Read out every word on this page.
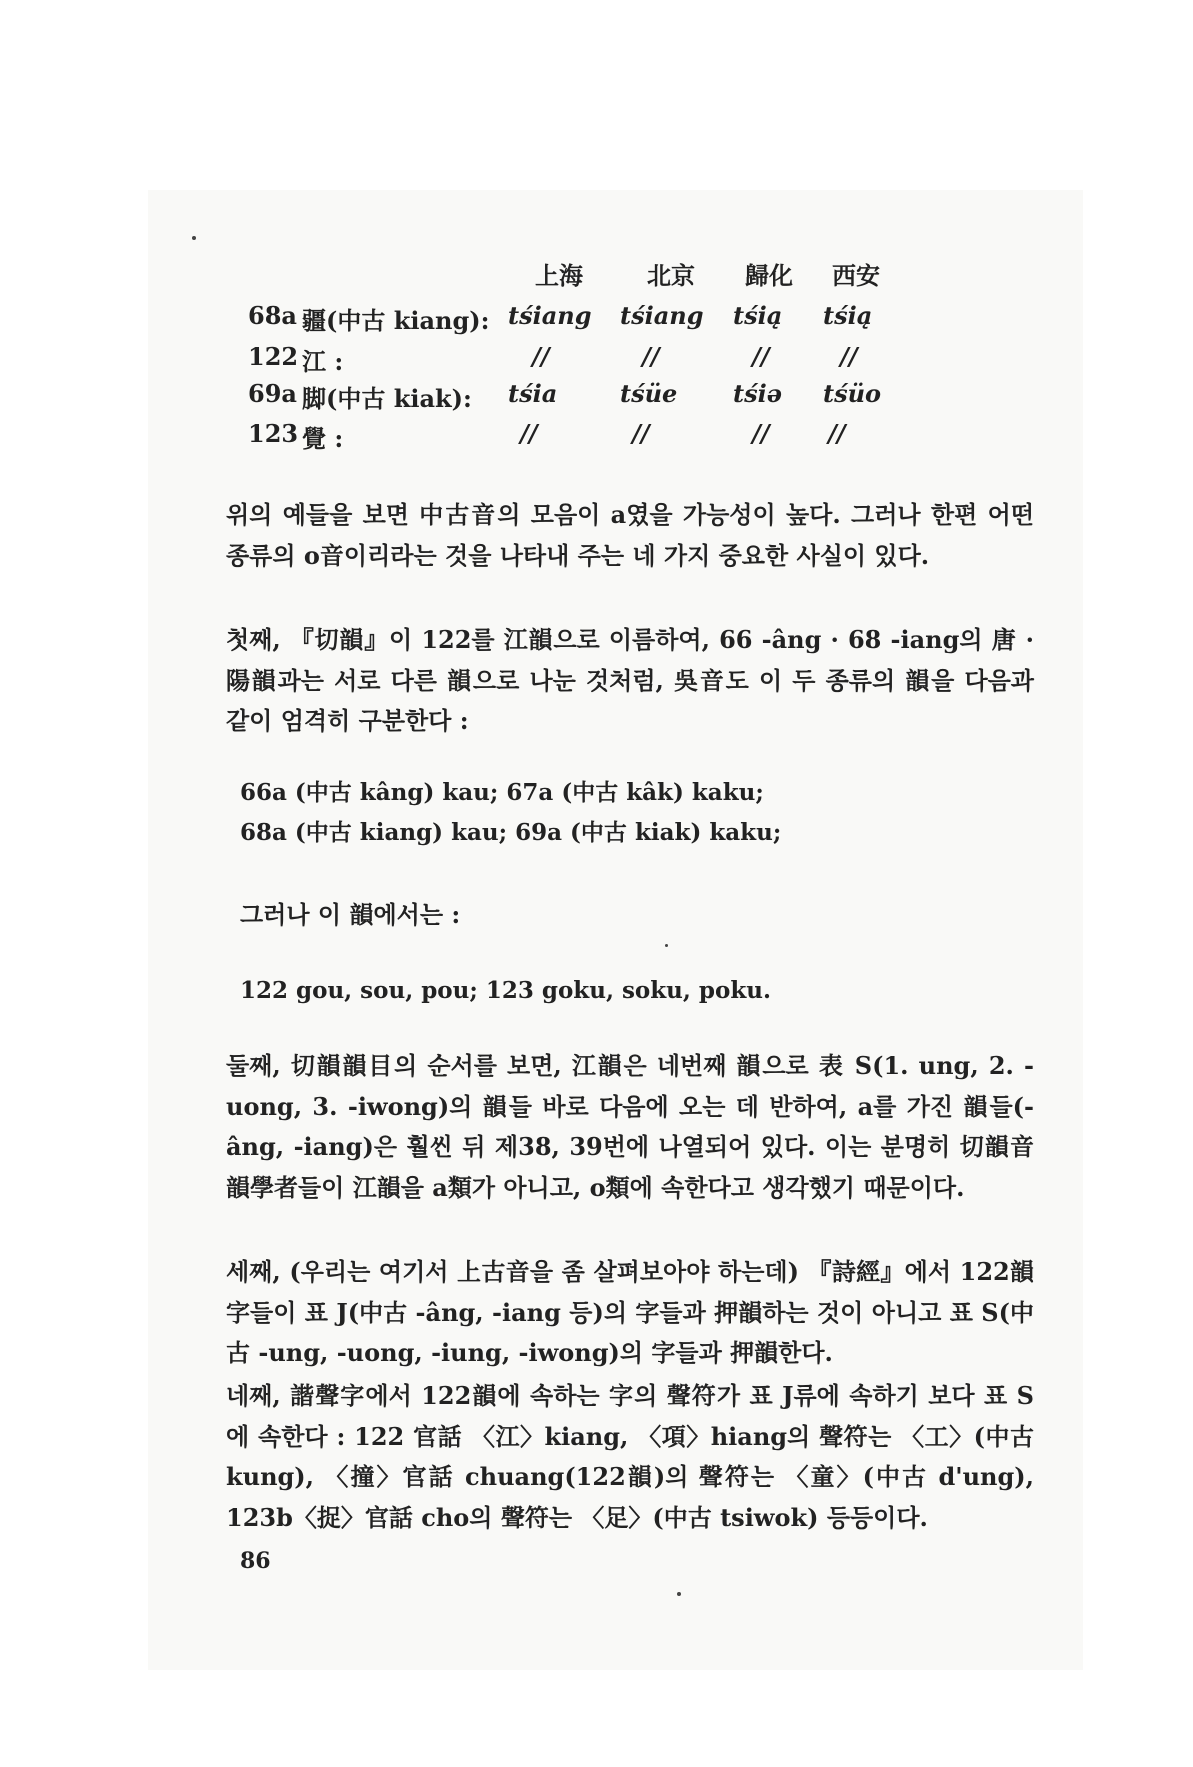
上海	北京 歸化 西安
68a 疆(中古 kiang): tśiang tśiang tśią tśią
122 江 :	//	//	//	//
69a 脚(中古 kiak): tśia	tśüe tśiə tśüo
123 覺 :	//	//	// //

위의 예들을 보면 中古音의 모음이 a였을 가능성이 높다. 그러나 한편 어떤 종류의 o音이리라는 것을 나타내 주는 네 가지 중요한 사실이 있다.

첫째, 『切韻』이 122를 江韻으로 이름하여, 66 -âng · 68 -iang의 唐 · 陽韻과는 서로 다른 韻으로 나눈 것처럼, 吳音도 이 두 종류의 韻을 다음과 같이 엄격히 구분한다 :

66a (中古 kâng) kau; 67a (中古 kâk) kaku;

68a (中古 kiang) kau; 69a (中古 kiak) kaku;

그러나 이 韻에서는 :

122 gou, sou, pou; 123 goku, soku, poku.

둘째, 切韻韻目의 순서를 보면, 江韻은 네번째 韻으로 表 S(1. ung, 2. -uong, 3. -iwong)의 韻들 바로 다음에 오는 데 반하여, a를 가진 韻들(-âng, -iang)은 훨씬 뒤 제38, 39번에 나열되어 있다. 이는 분명히 切韻音韻學者들이 江韻을 a類가 아니고, o類에 속한다고 생각했기 때문이다.

세째, (우리는 여기서 上古音을 좀 살펴보아야 하는데) 『詩經』에서 122韻字들이 표 J(中古 -âng, -iang 등)의 字들과 押韻하는 것이 아니고 표 S(中古 -ung, -uong, -iung, -iwong)의 字들과 押韻한다.

네째, 諧聲字에서 122韻에 속하는 字의 聲符가 표 J류에 속하기 보다 표 S에 속한다 : 122 官話 〈江〉kiang, 〈項〉hiang의 聲符는 〈工〉(中古 kung), 〈撞〉官話 chuang(122韻)의 聲符는 〈童〉(中古 d'ung), 123b〈捉〉官話 cho의 聲符는 〈足〉(中古 tsiwok) 등등이다.

86
